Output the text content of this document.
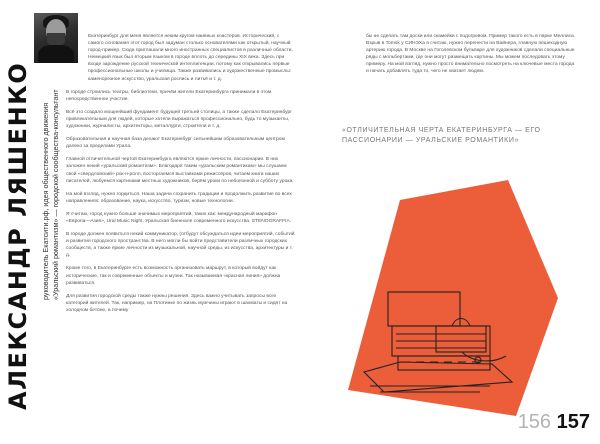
АЛЕКСАНДР ЛЯШЕНКО руководитель Екатсити.рф, идея общественного движения «Уральский романтизм» — городской сообщества-консультант

Екатеринбург для меня является неким кругом наивных кластеров. Исторический, с самого основания этот город был задуман столько основателями как открытый, научный город-пример. Сюда приглашали много иностранных специалистов в различные области. Немецкий язык был вторым языком в городе вплоть до середины XIX века. Здесь при входе зарождение русской технической интеллигенции, потому как открывались первые профессиональные школы и училища. Также развивались и художественные промыслы: каменорезное искусство, уральская роспись и литьё и т. д.

В городе строились театры, библиотеки, причём жители Екатеринбурга принимали в этом непосредственное участие.

Всё это создало мощнейший фундамент будущей третьей столицы, а также сделало Екатеринбург привлекательным для людей, которые хотели выражаться профессионально, будь то музыканты, художники, журналисты, архитекторы, металлурги, строители и т. д.

Образовательная и научная база делают Екатеринбург сильнейшим образовательным центром далеко за пределами Урала.

Главной отличительной чертой Екатеринбурга являются яркие личности, пассионарии. В них заложен некий «уральский романтизм». Благодаря таким «уральским романтикам» мы слушаем свой «свердловский» рок-н-ролл, восторгаемся выставками режиссёров, читаем книги наших писателей, любуемся картинами местных художников, берём уроки по небоязнной и субботу урока.

На мой взгляд, нужно гордиться. Наша задача сохранить традиции и продолжить развитие во всех направлениях: образование, наука, искусство, туризм, новые технологии.

Я считаю, город нужно больше значимых мероприятий, таких как: международный марафон «Европа—Азия», Ural Music Night, Уральская биеннале современного искусства, STENOGRAFFIA.

В городе должен появиться некий коммуникатор, (отбудут обсуждаться идеи мероприятий, событий и развития городского пространства. В него могли бы войти представители различных городских сообществ, а также яркие личности из музыкальной, научной среды, из искусства, архитектуры и т. д.

Кроме того, в Екатеринбурге есть возможность организовать маршрут, в который войдут как исторические, так и современные объекты и музеи. Так называемая «красная линия» должна развиваться.

Для развития городской среды также нужны решения. Здесь важно учитывать запросы всех категорий жителей. Так, например, на Плотинке по жизнь мужчины играют в шахматы и сидят на холодном бетоне, а почему

бы не сделать там доски или скамейки с подогревом. Пример такого есть в парке Меллиса. Взрыв в Tomsk у СИНЭХа я считаю, нужно перенести на Вайнера, главную пешеходную артерию города. В Москве на Гоголевском бульваре для художников сделали специальные ряды с мольбертами, где они могут размещать картины. Мы можем последовать этому примеру. На мой взгляд, нужно просто внимательно посмотреть на ключевые места города и начать добавлять туда то, чего не хватает людям.

«ОТЛИЧИТЕЛЬНАЯ ЧЕРТА ЕКАТЕРИНБУРГА — ЕГО ПАССИОНАРИИ — УРАЛЬСКИЕ РОМАНТИКИ»
156 157
